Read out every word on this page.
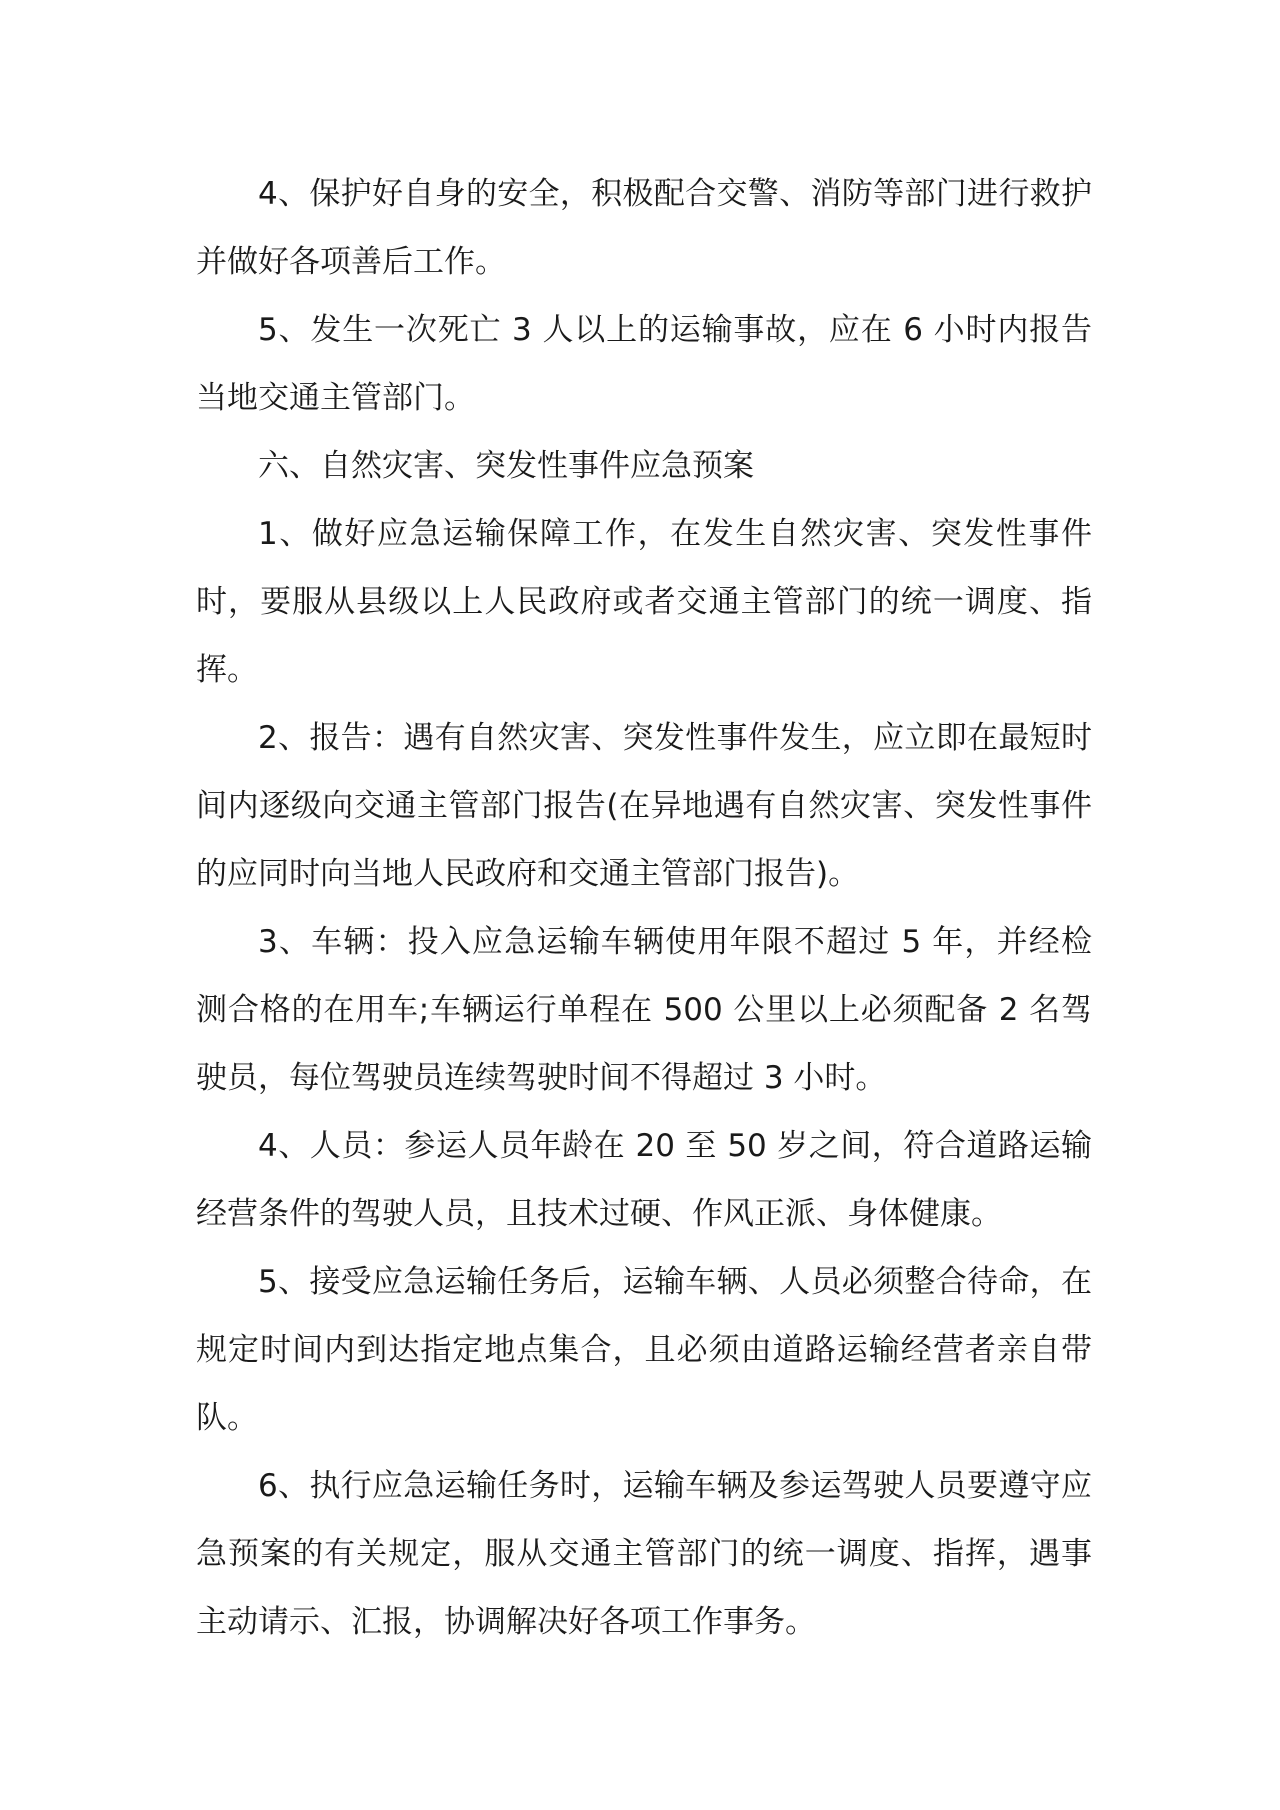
4、保护好自身的安全，积极配合交警、消防等部门进行救护并做好各项善后工作。

5、发生一次死亡 3 人以上的运输事故，应在 6 小时内报告当地交通主管部门。

六、自然灾害、突发性事件应急预案

1、做好应急运输保障工作，在发生自然灾害、突发性事件时，要服从县级以上人民政府或者交通主管部门的统一调度、指挥。

2、报告：遇有自然灾害、突发性事件发生，应立即在最短时间内逐级向交通主管部门报告(在异地遇有自然灾害、突发性事件的应同时向当地人民政府和交通主管部门报告)。

3、车辆：投入应急运输车辆使用年限不超过 5 年，并经检测合格的在用车;车辆运行单程在 500 公里以上必须配备 2 名驾驶员，每位驾驶员连续驾驶时间不得超过 3 小时。

4、人员：参运人员年龄在 20 至 50 岁之间，符合道路运输经营条件的驾驶人员，且技术过硬、作风正派、身体健康。

5、接受应急运输任务后，运输车辆、人员必须整合待命，在规定时间内到达指定地点集合，且必须由道路运输经营者亲自带队。

6、执行应急运输任务时，运输车辆及参运驾驶人员要遵守应急预案的有关规定，服从交通主管部门的统一调度、指挥，遇事主动请示、汇报，协调解决好各项工作事务。
